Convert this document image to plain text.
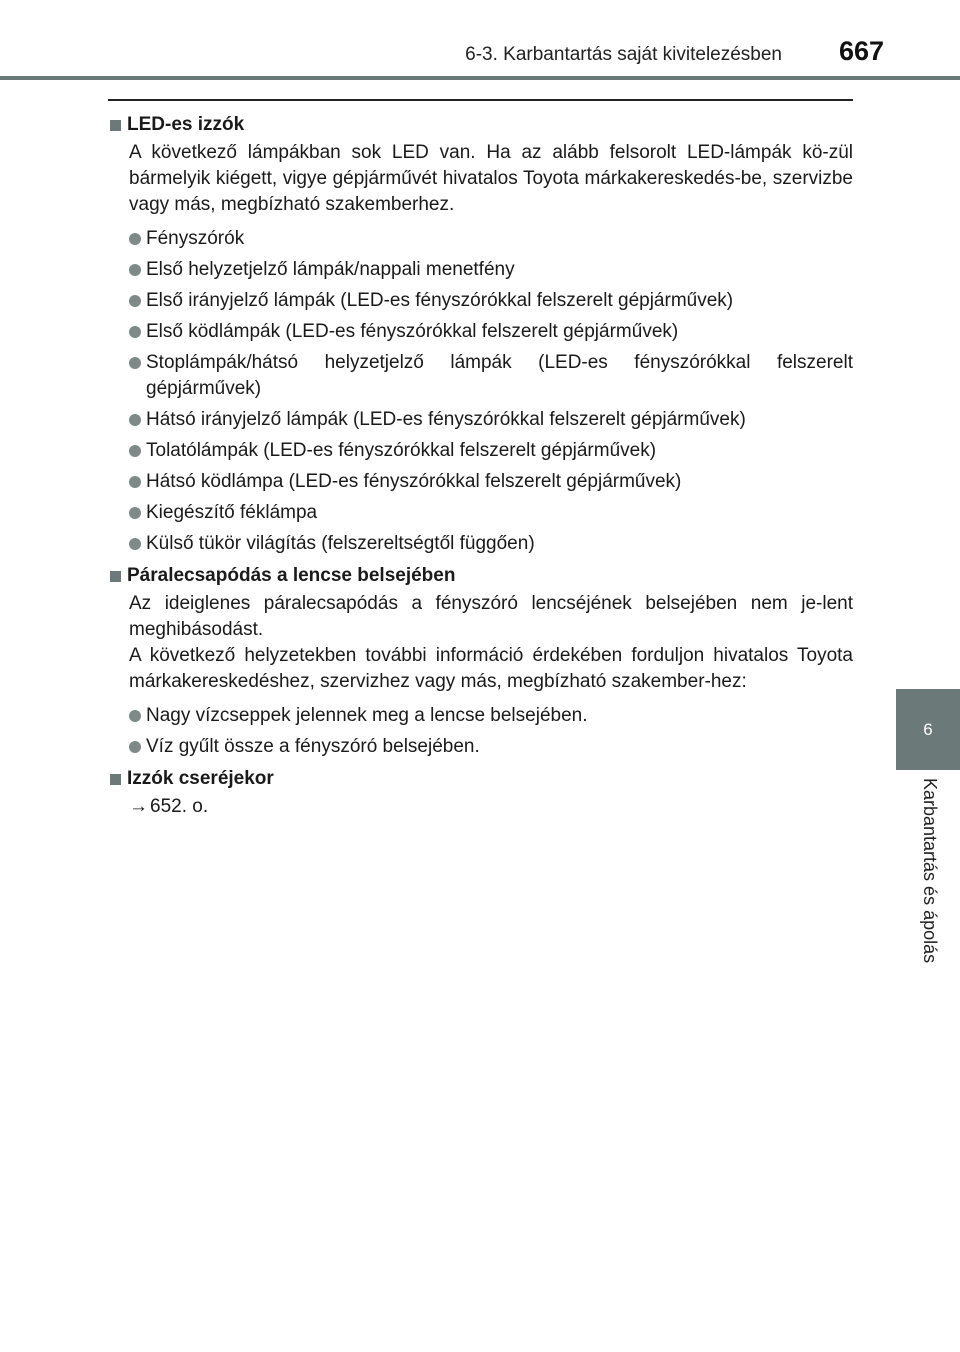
6-3. Karbantartás saját kivitelezésben 667
6
Karbantartás és ápolás
LED-es izzók

A következő lámpákban sok LED van. Ha az alább felsorolt LED-lámpák kö-zül bármelyik kiégett, vigye gépjárművét hivatalos Toyota márkakereskedés-be, szervizbe vagy más, megbízható szakemberhez.

Fényszórók
Első helyzetjelző lámpák/nappali menetfény
Első irányjelző lámpák (LED-es fényszórókkal felszerelt gépjárművek)
Első ködlámpák (LED-es fényszórókkal felszerelt gépjárművek)
Stoplámpák/hátsó helyzetjelző lámpák (LED-es fényszórókkal felszerelt gépjárművek)
Hátsó irányjelző lámpák (LED-es fényszórókkal felszerelt gépjárművek)
Tolatólámpák (LED-es fényszórókkal felszerelt gépjárművek)
Hátsó ködlámpa (LED-es fényszórókkal felszerelt gépjárművek)
Kiegészítő féklámpa
Külső tükör világítás (felszereltségtől függően)
Páralecsapódás a lencse belsejében

Az ideiglenes páralecsapódás a fényszóró lencséjének belsejében nem je-lent meghibásodást.

A következő helyzetekben további információ érdekében forduljon hivatalos Toyota márkakereskedéshez, szervizhez vagy más, megbízható szakember-hez:

Nagy vízcseppek jelennek meg a lencse belsejében.
Víz gyűlt össze a fényszóró belsejében.
Izzók cseréjekor
→ 652. o.
